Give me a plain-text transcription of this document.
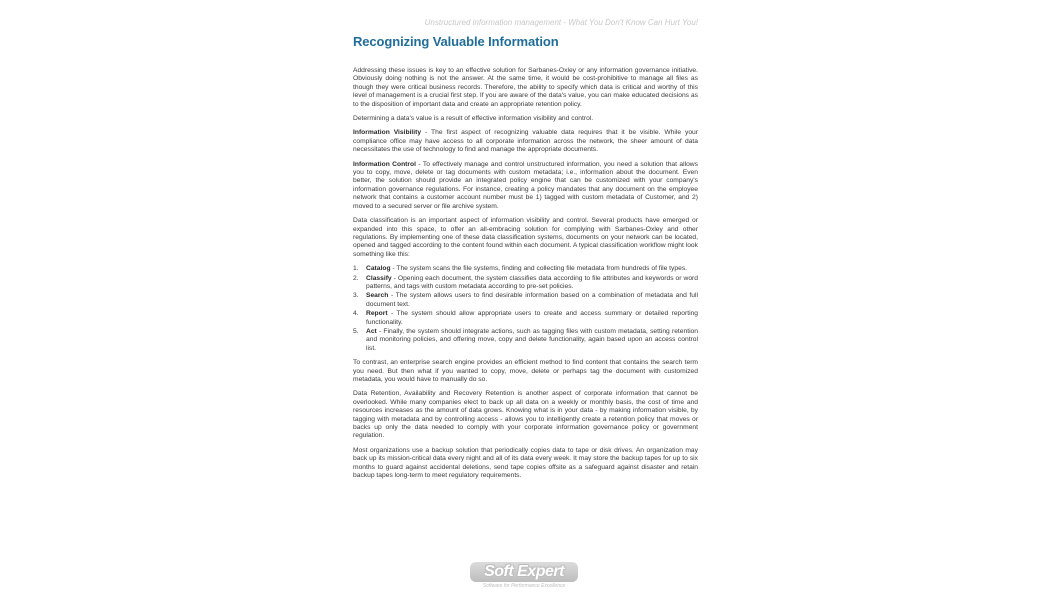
Unstructured information management - What You Don't Know Can Hurt You!
Recognizing Valuable Information

Addressing these issues is key to an effective solution for Sarbanes-Oxley or any information governance initiative. Obviously doing nothing is not the answer. At the same time, it would be cost-prohibitive to manage all files as though they were critical business records. Therefore, the ability to specify which data is critical and worthy of this level of management is a crucial first step. If you are aware of the data's value, you can make educated decisions as to the disposition of important data and create an appropriate retention policy.

Determining a data's value is a result of effective information visibility and control.

Information Visibility - The first aspect of recognizing valuable data requires that it be visible. While your compliance office may have access to all corporate information across the network, the sheer amount of data necessitates the use of technology to find and manage the appropriate documents.

Information Control - To effectively manage and control unstructured information, you need a solution that allows you to copy, move, delete or tag documents with custom metadata; i.e., information about the document. Even better, the solution should provide an integrated policy engine that can be customized with your company's information governance regulations. For instance, creating a policy mandates that any document on the employee network that contains a customer account number must be 1) tagged with custom metadata of Customer, and 2) moved to a secured server or file archive system.

Data classification is an important aspect of information visibility and control. Several products have emerged or expanded into this space, to offer an all-embracing solution for complying with Sarbanes-Oxley and other regulations. By implementing one of these data classification systems, documents on your network can be located, opened and tagged according to the content found within each document. A typical classification workflow might look something like this:

1. Catalog - The system scans the file systems, finding and collecting file metadata from hundreds of file types.
2. Classify - Opening each document, the system classifies data according to file attributes and keywords or word patterns, and tags with custom metadata according to pre-set policies.
3. Search - The system allows users to find desirable information based on a combination of metadata and full document text.
4. Report - The system should allow appropriate users to create and access summary or detailed reporting functionality.
5. Act - Finally, the system should integrate actions, such as tagging files with custom metadata, setting retention and monitoring policies, and offering move, copy and delete functionality, again based upon an access control list.

To contrast, an enterprise search engine provides an efficient method to find content that contains the search term you need. But then what if you wanted to copy, move, delete or perhaps tag the document with customized metadata, you would have to manually do so.

Data Retention, Availability and Recovery Retention is another aspect of corporate information that cannot be overlooked. While many companies elect to back up all data on a weekly or monthly basis, the cost of time and resources increases as the amount of data grows. Knowing what is in your data - by making information visible, by tagging with metadata and by controlling access - allows you to intelligently create a retention policy that moves or backs up only the data needed to comply with your corporate information governance policy or government regulation.

Most organizations use a backup solution that periodically copies data to tape or disk drives. An organization may back up its mission-critical data every night and all of its data every week. It may store the backup tapes for up to six months to guard against accidental deletions, send tape copies offsite as a safeguard against disaster and retain backup tapes long-term to meet regulatory requirements.

Soft Expert
Software for Performance Excellence
